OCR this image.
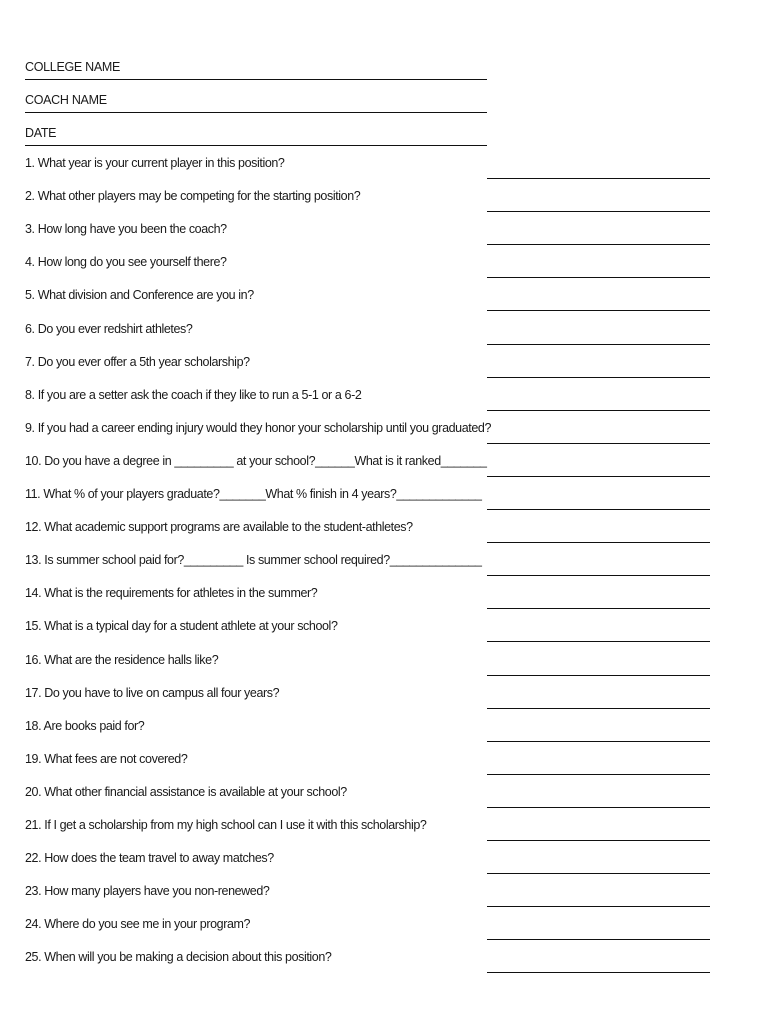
COLLEGE NAME
COACH NAME
DATE
1. What year is your current player in this position?
2. What other players may be competing for the starting position?
3. How long have you been the coach?
4. How long do you see yourself there?
5. What division and Conference are you in?
6. Do you ever redshirt athletes?
7. Do you ever offer a 5th year scholarship?
8. If you are a setter ask the coach if they like to run a 5-1 or a 6-2
9. If you had a career ending injury would they honor your scholarship until you graduated?
10. Do you have a degree in _________ at your school?______What is it ranked_______
11. What % of your players graduate?_______What % finish in 4 years?_____________
12. What academic support programs are available to the student-athletes?
13. Is summer school paid for?_________ Is summer school required?______________
14. What is the requirements for athletes in the summer?
15. What is a typical day for a student athlete at your school?
16. What are the residence halls like?
17. Do you have to live on campus all four years?
18. Are books paid for?
19. What fees are not covered?
20. What other financial assistance is available at your school?
21. If I get a scholarship from my high school can I use it with this scholarship?
22. How does the team travel to away matches?
23. How many players have you non-renewed?
24. Where do you see me in your program?
25. When will you be making a decision about this position?
